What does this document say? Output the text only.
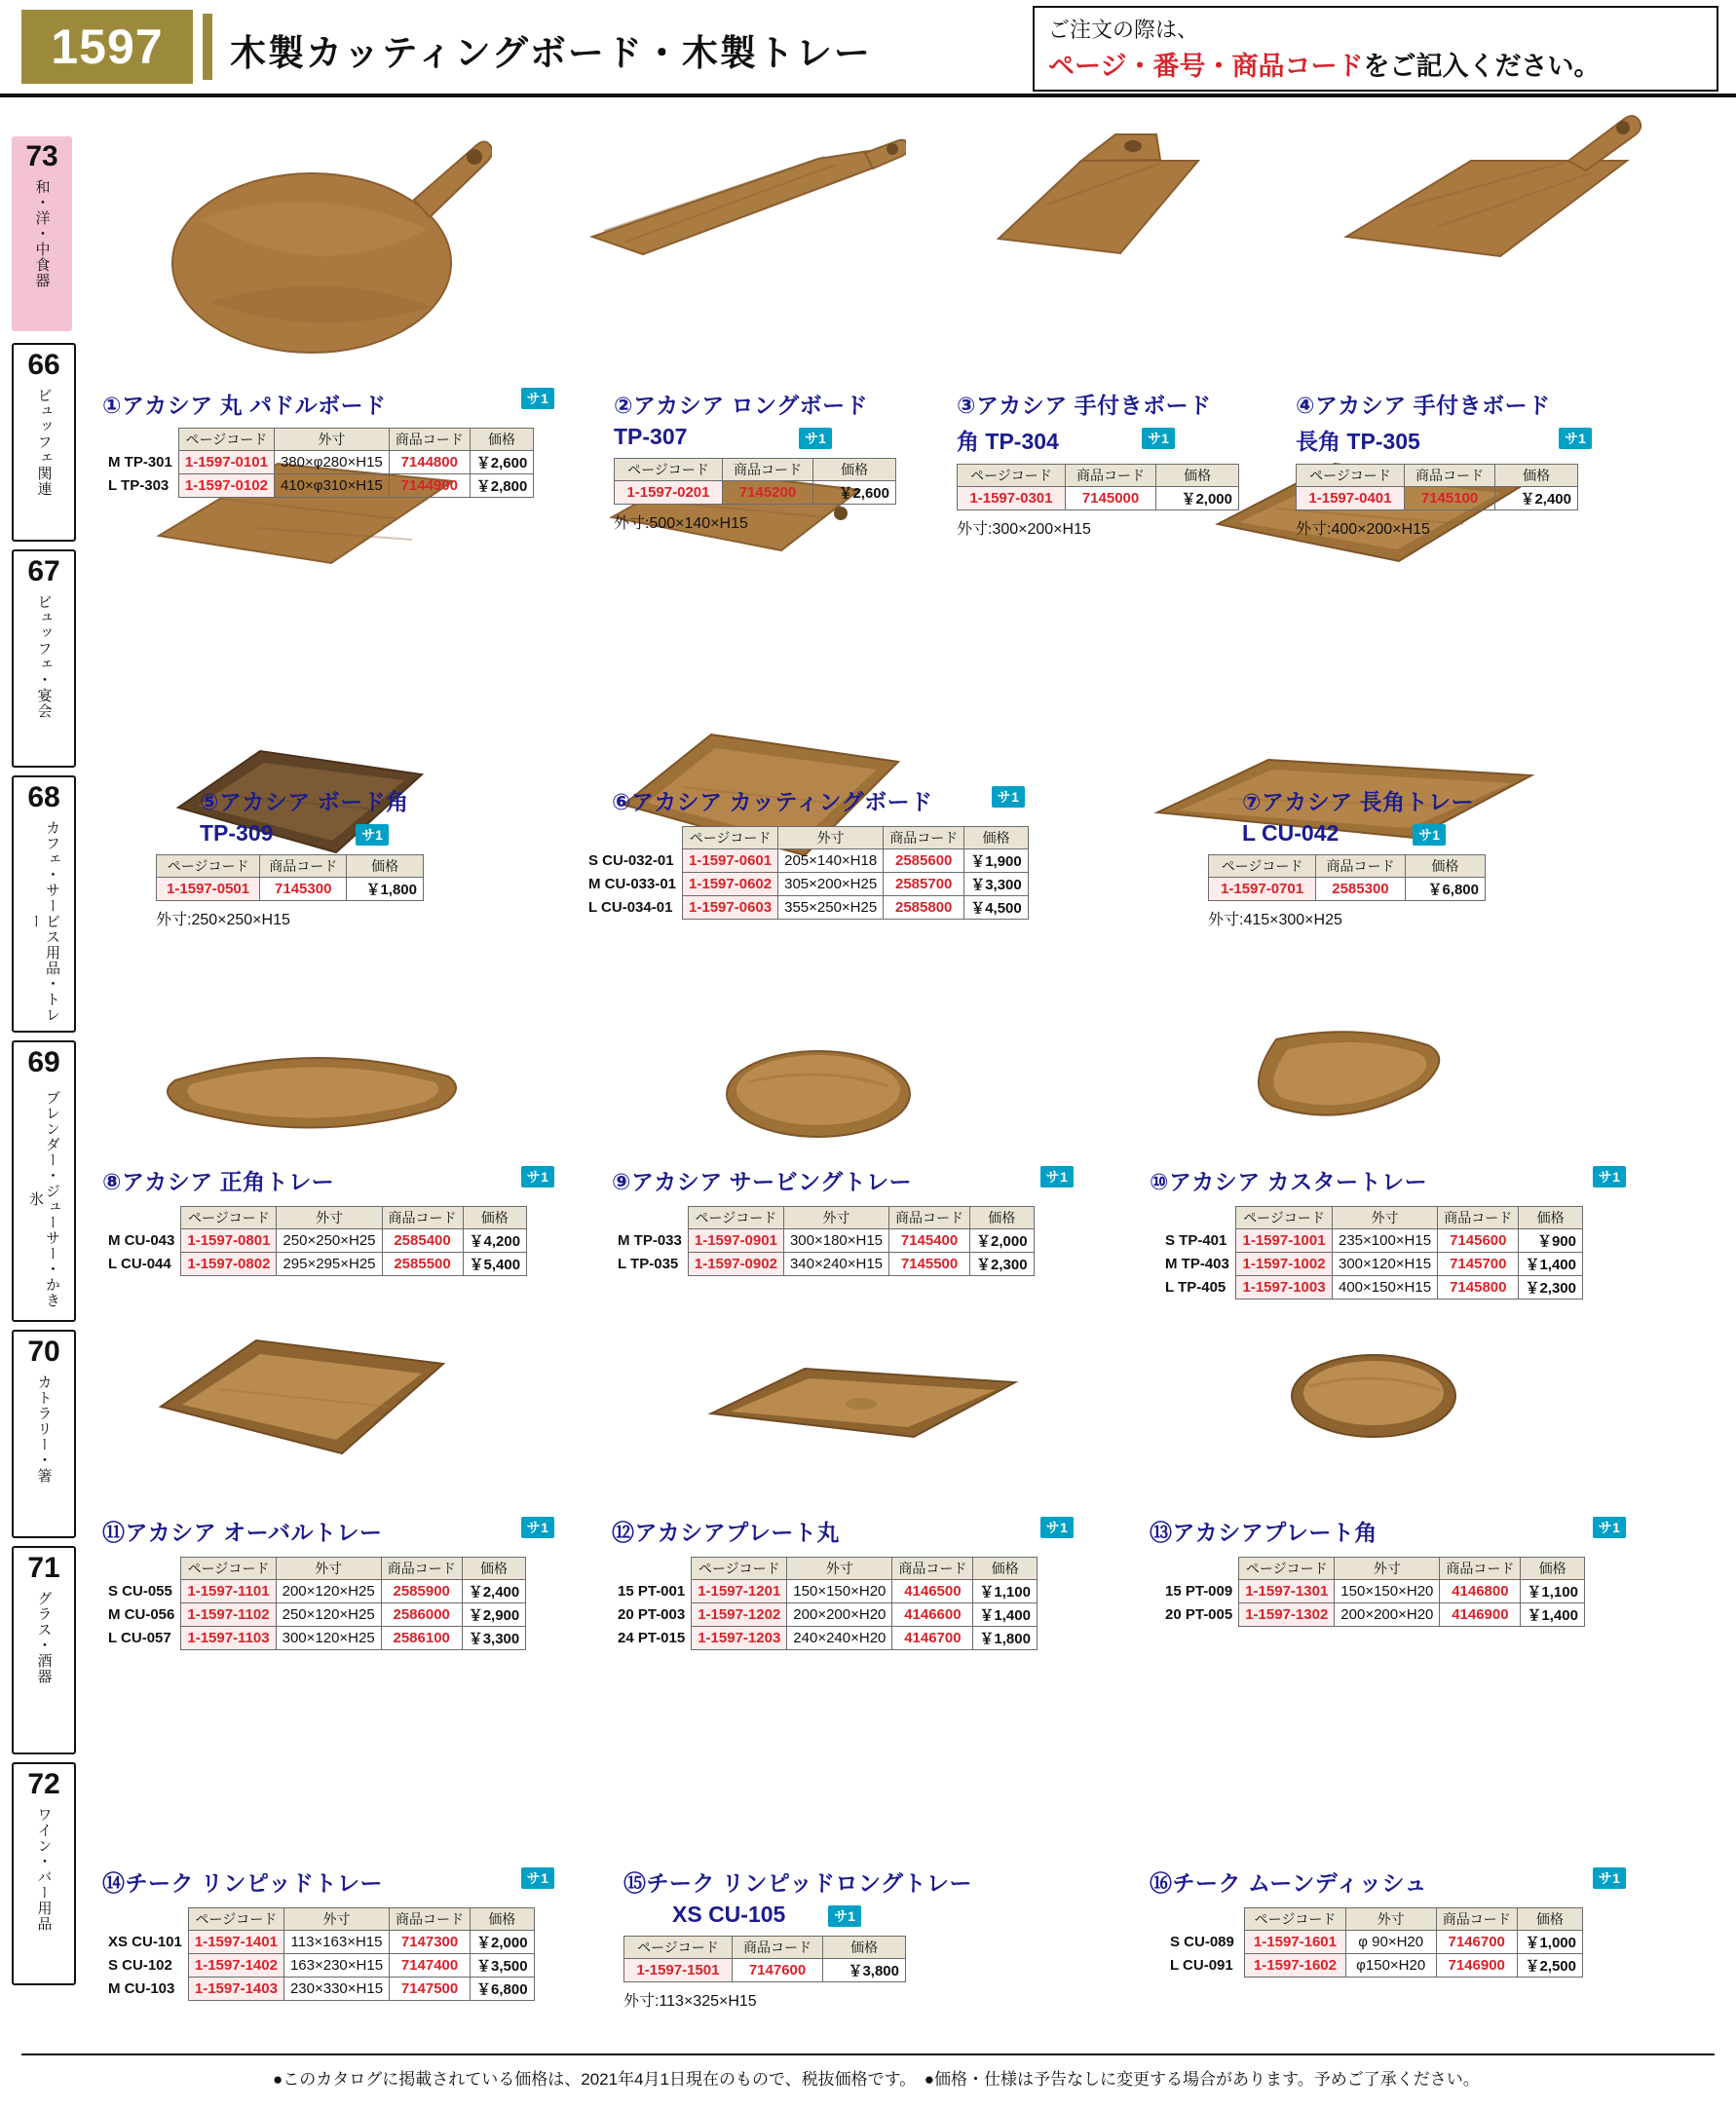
1597	木製カッティングボード・木製トレー
ご注文の際は、
ページ・番号・商品コードをご記入ください。
73
和・洋・中食器
66
ビュッフェ関連
67
ビュッフェ・宴会
68
カフェ・サービス用品・トレー
69
ブレンダー・ジューサー・かき氷
70
カトラリー・箸
71
グラス・酒器
72
ワイン・バー用品
①アカシア 丸 パドルボード	サ1
	ページコード	外寸	商品コード	価格
M TP-301	1-1597-0101	380×φ280×H15	7144800	￥2,600
L TP-303	1-1597-0102	410×φ310×H15	7144900	￥2,800
②アカシア ロングボード
TP-307	サ1
ページコード	商品コード	価格
1-1597-0201	7145200	￥2,600
外寸:500×140×H15
③アカシア 手付きボード
角 TP-304	サ1
ページコード	商品コード	価格
1-1597-0301	7145000	￥2,000
外寸:300×200×H15
④アカシア 手付きボード
長角 TP-305	サ1
ページコード	商品コード	価格
1-1597-0401	7145100	￥2,400
外寸:400×200×H15
⑤アカシア ボード角
TP-309	サ1
ページコード	商品コード	価格
1-1597-0501	7145300	￥1,800
外寸:250×250×H15
⑥アカシア カッティングボード	サ1
	ページコード	外寸	商品コード	価格
S CU-032-01	1-1597-0601	205×140×H18	2585600	￥1,900
M CU-033-01	1-1597-0602	305×200×H25	2585700	￥3,300
L CU-034-01	1-1597-0603	355×250×H25	2585800	￥4,500
⑦アカシア 長角トレー
L CU-042	サ1
ページコード	商品コード	価格
1-1597-0701	2585300	￥6,800
外寸:415×300×H25
⑧アカシア 正角トレー	サ1
	ページコード	外寸	商品コード	価格
M CU-043	1-1597-0801	250×250×H25	2585400	￥4,200
L CU-044	1-1597-0802	295×295×H25	2585500	￥5,400
⑨アカシア サービングトレー	サ1
	ページコード	外寸	商品コード	価格
M TP-033	1-1597-0901	300×180×H15	7145400	￥2,000
L TP-035	1-1597-0902	340×240×H15	7145500	￥2,300
⑩アカシア カスタートレー	サ1
	ページコード	外寸	商品コード	価格
S TP-401	1-1597-1001	235×100×H15	7145600	￥900
M TP-403	1-1597-1002	300×120×H15	7145700	￥1,400
L TP-405	1-1597-1003	400×150×H15	7145800	￥2,300
⑪アカシア オーバルトレー	サ1
	ページコード	外寸	商品コード	価格
S CU-055	1-1597-1101	200×120×H25	2585900	￥2,400
M CU-056	1-1597-1102	250×120×H25	2586000	￥2,900
L CU-057	1-1597-1103	300×120×H25	2586100	￥3,300
⑫アカシアプレート丸	サ1
	ページコード	外寸	商品コード	価格
15 PT-001	1-1597-1201	150×150×H20	4146500	￥1,100
20 PT-003	1-1597-1202	200×200×H20	4146600	￥1,400
24 PT-015	1-1597-1203	240×240×H20	4146700	￥1,800
⑬アカシアプレート角	サ1
	ページコード	外寸	商品コード	価格
15 PT-009	1-1597-1301	150×150×H20	4146800	￥1,100
20 PT-005	1-1597-1302	200×200×H20	4146900	￥1,400
⑭チーク リンピッドトレー	サ1
	ページコード	外寸	商品コード	価格
XS CU-101	1-1597-1401	113×163×H15	7147300	￥2,000
S CU-102	1-1597-1402	163×230×H15	7147400	￥3,500
M CU-103	1-1597-1403	230×330×H15	7147500	￥6,800
⑮チーク リンピッドロングトレー
XS CU-105	サ1
ページコード	商品コード	価格
1-1597-1501	7147600	￥3,800
外寸:113×325×H15
⑯チーク ムーンディッシュ	サ1
	ページコード	外寸	商品コード	価格
S CU-089	1-1597-1601	φ 90×H20	7146700	￥1,000
L CU-091	1-1597-1602	φ150×H20	7146900	￥2,500
●このカタログに掲載されている価格は、2021年4月1日現在のもので、税抜価格です。　●価格・仕様は予告なしに変更する場合があります。予めご了承ください。
